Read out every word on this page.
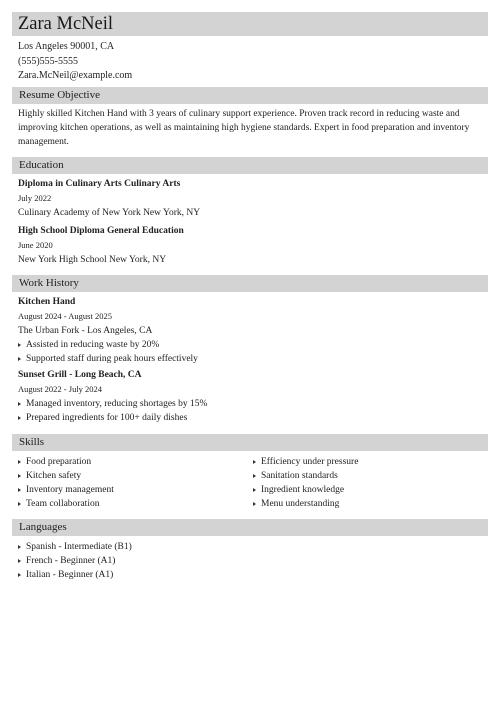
Zara McNeil
Los Angeles 90001, CA
(555)555-5555
Zara.McNeil@example.com
Resume Objective
Highly skilled Kitchen Hand with 3 years of culinary support experience. Proven track record in reducing waste and improving kitchen operations, as well as maintaining high hygiene standards. Expert in food preparation and inventory management.
Education
Diploma in Culinary Arts Culinary Arts
July 2022
Culinary Academy of New York New York, NY
High School Diploma General Education
June 2020
New York High School New York, NY
Work History
Kitchen Hand
August 2024 - August 2025
The Urban Fork - Los Angeles, CA
Assisted in reducing waste by 20%
Supported staff during peak hours effectively
Sunset Grill - Long Beach, CA
August 2022 - July 2024
Managed inventory, reducing shortages by 15%
Prepared ingredients for 100+ daily dishes
Skills
Food preparation
Kitchen safety
Inventory management
Team collaboration
Efficiency under pressure
Sanitation standards
Ingredient knowledge
Menu understanding
Languages
Spanish - Intermediate (B1)
French - Beginner (A1)
Italian - Beginner (A1)
